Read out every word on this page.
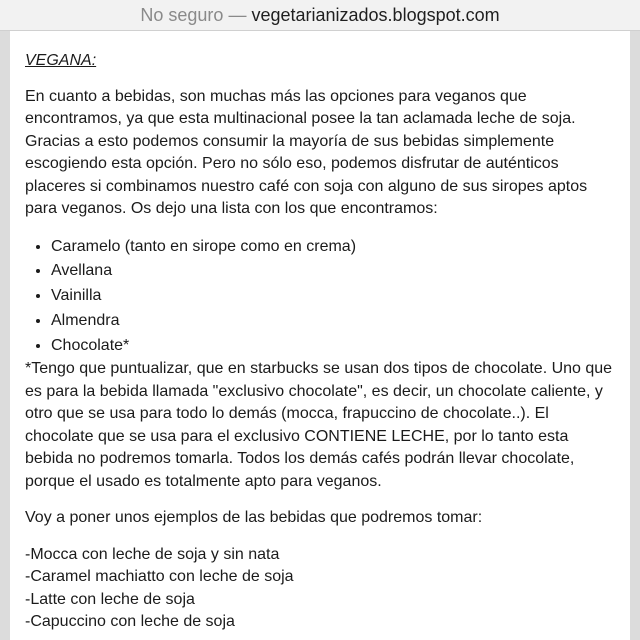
No seguro — vegetarianizados.blogspot.com

VEGANA:

En cuanto a bebidas, son muchas más las opciones para veganos que encontramos, ya que esta multinacional posee la tan aclamada leche de soja. Gracias a esto podemos consumir la mayoría de sus bebidas simplemente escogiendo esta opción. Pero no sólo eso, podemos disfrutar de auténticos placeres si combinamos nuestro café con soja con alguno de sus siropes aptos para veganos. Os dejo una lista con los que encontramos:

• Caramelo (tanto en sirope como en crema)
• Avellana
• Vainilla
• Almendra
• Chocolate*

*Tengo que puntualizar, que en starbucks se usan dos tipos de chocolate. Uno que es para la bebida llamada "exclusivo chocolate", es decir, un chocolate caliente, y otro que se usa para todo lo demás (mocca, frapuccino de chocolate..). El chocolate que se usa para el exclusivo CONTIENE LECHE, por lo tanto esta bebida no podremos tomarla. Todos los demás cafés podrán llevar chocolate, porque el usado es totalmente apto para veganos.

Voy a poner unos ejemplos de las bebidas que podremos tomar:

-Mocca con leche de soja y sin nata
-Caramel machiatto con leche de soja
-Latte con leche de soja
-Capuccino con leche de soja
